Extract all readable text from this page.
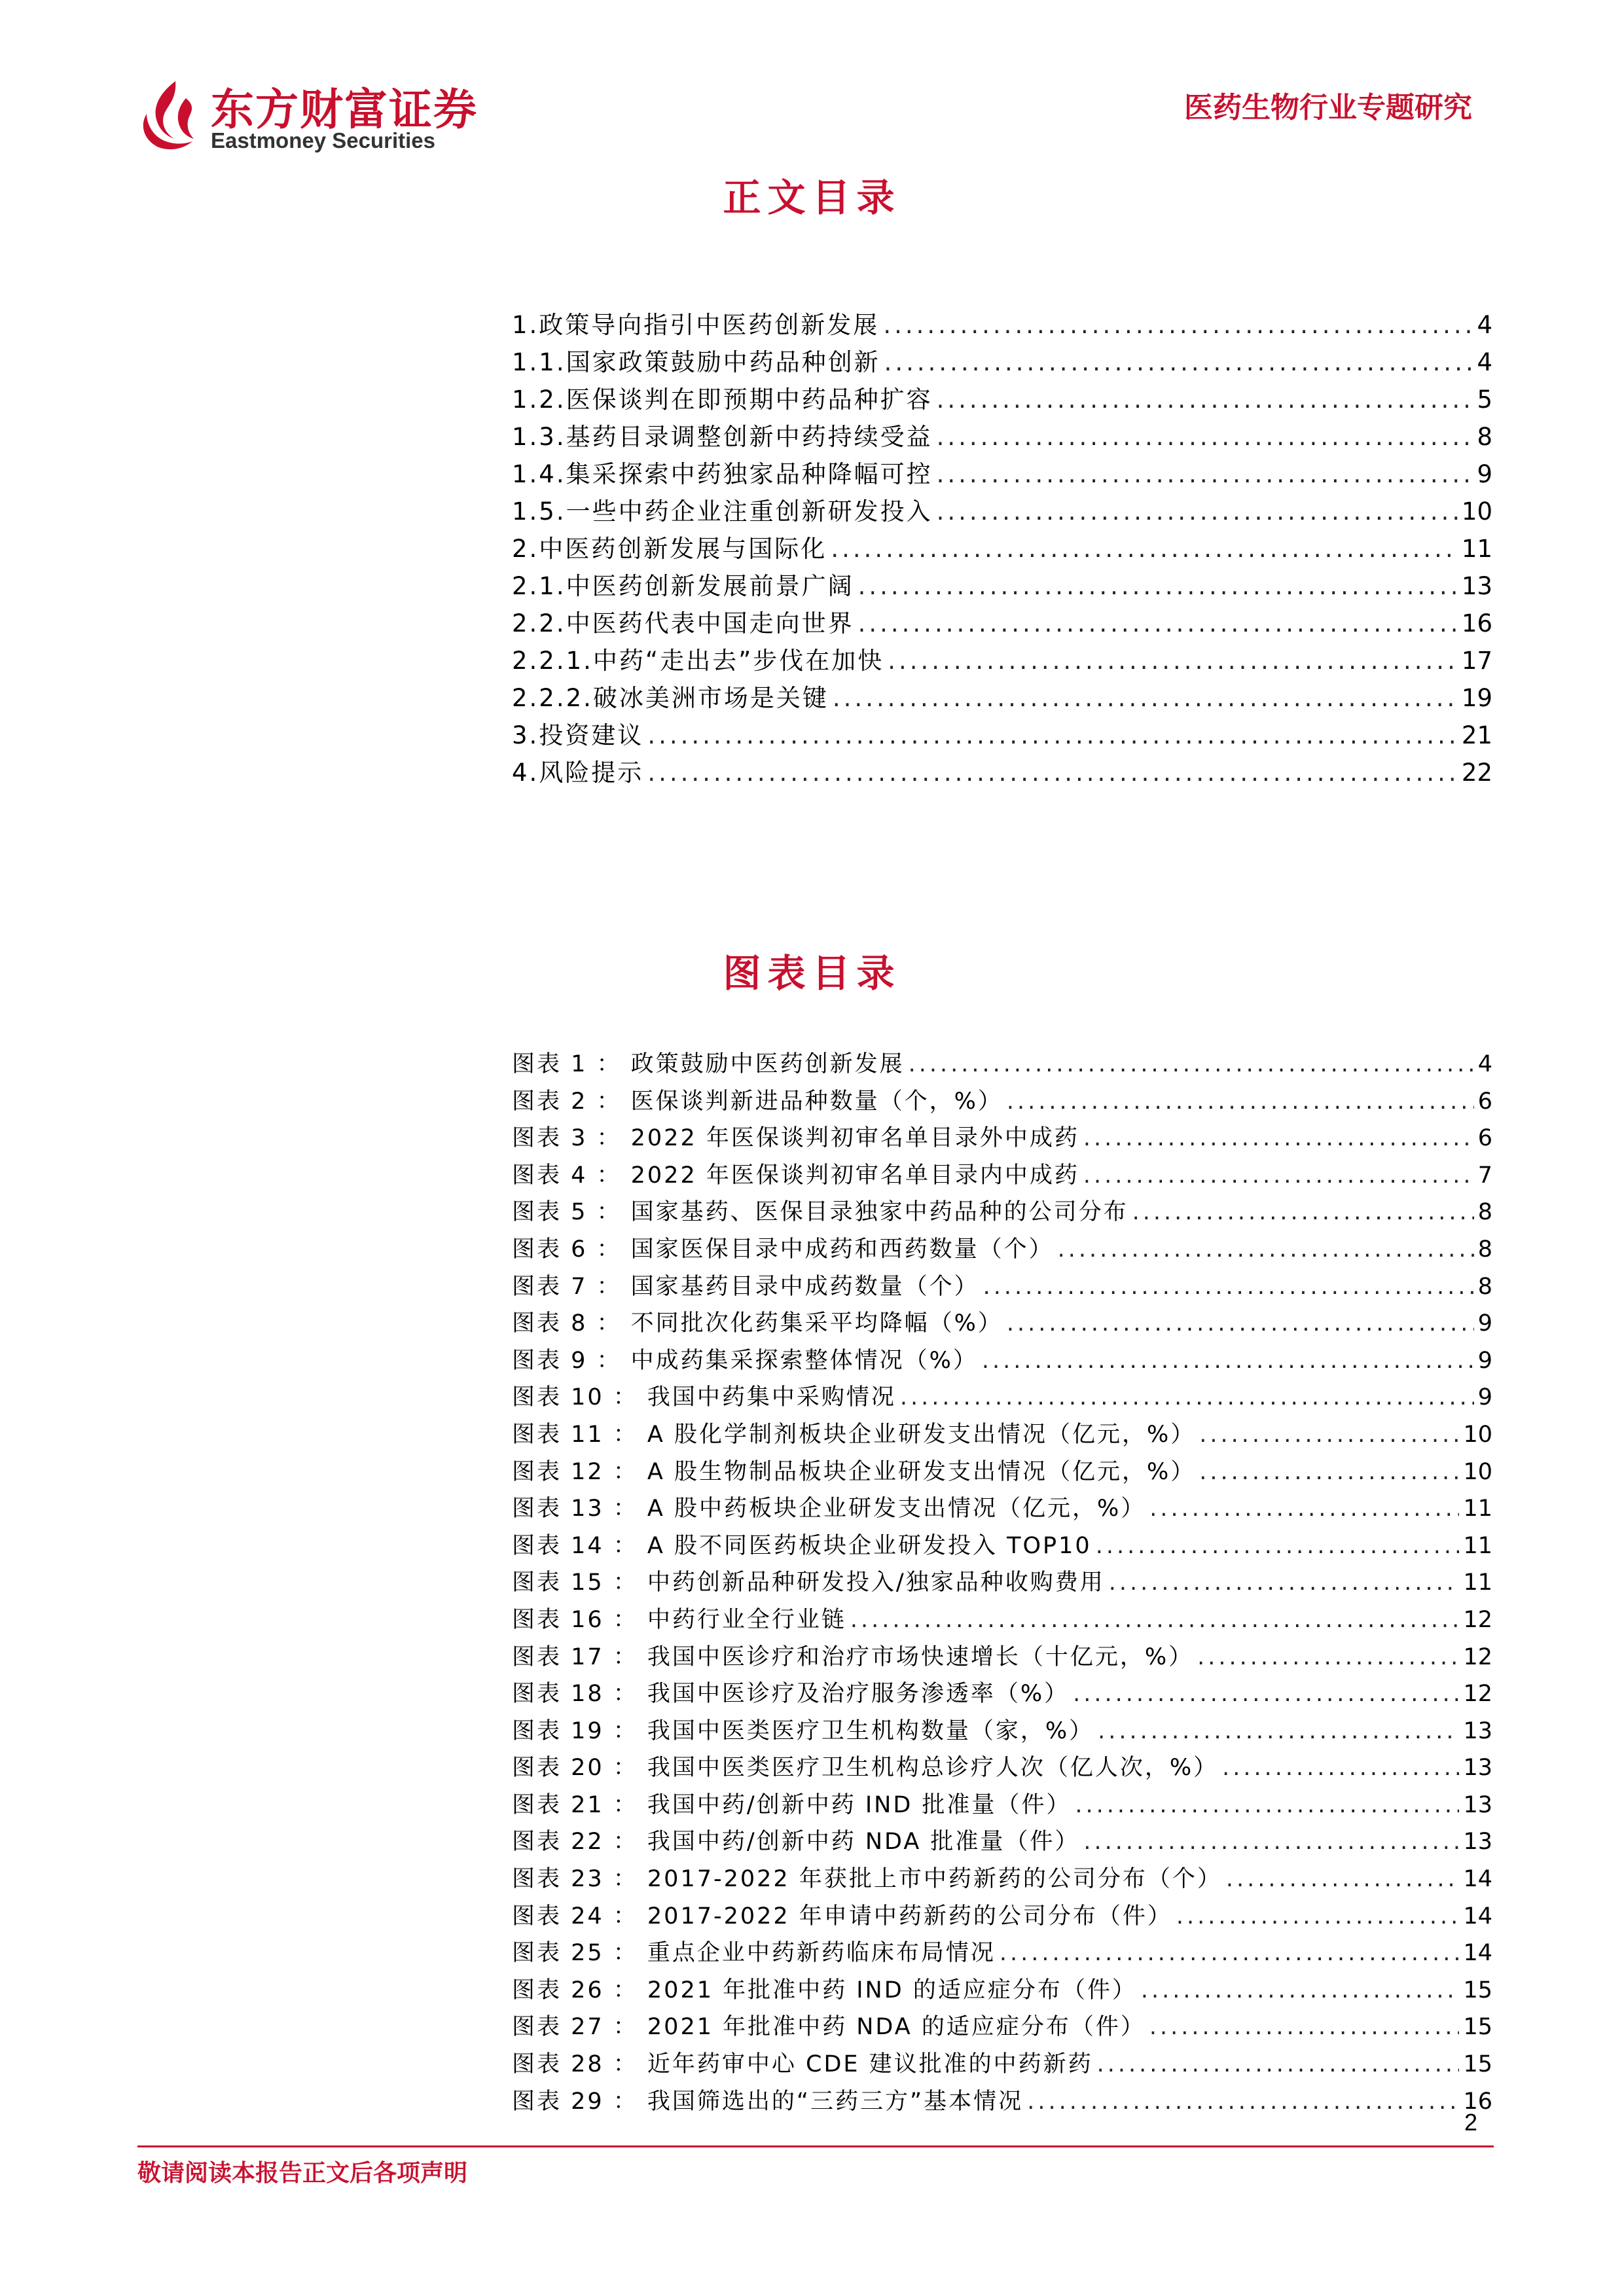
东方财富证券
Eastmoney Securities
医药生物行业专题研究
正文目录
1.政策导向指引中医药创新发展 .....	4
1.1.国家政策鼓励中药品种创新 .....	4
1.2.医保谈判在即预期中药品种扩容 .....	5
1.3.基药目录调整创新中药持续受益 .....	8
1.4.集采探索中药独家品种降幅可控 .....	9
1.5.一些中药企业注重创新研发投入 .....	10
2.中医药创新发展与国际化 .....	11
2.1.中医药创新发展前景广阔 .....	13
2.2.中医药代表中国走向世界 .....	16
2.2.1.中药“走出去”步伐在加快 .....	17
2.2.2.破冰美洲市场是关键 .....	19
3.投资建议 .....	21
4.风险提示 .....	22
图表目录
图表 1 ： 政策鼓励中医药创新发展 .....	4
图表 2 ： 医保谈判新进品种数量（个，%） .....	6
图表 3 ： 2022 年医保谈判初审名单目录外中成药 .....	6
图表 4 ： 2022 年医保谈判初审名单目录内中成药 .....	7
图表 5 ： 国家基药、医保目录独家中药品种的公司分布 .....	8
图表 6 ： 国家医保目录中成药和西药数量（个） .....	8
图表 7 ： 国家基药目录中成药数量（个） .....	8
图表 8 ： 不同批次化药集采平均降幅（%） .....	9
图表 9 ： 中成药集采探索整体情况（%） .....	9
图表 10 ： 我国中药集中采购情况 .....	9
图表 11 ： A 股化学制剂板块企业研发支出情况（亿元，%） .....	10
图表 12 ： A 股生物制品板块企业研发支出情况（亿元，%） .....	10
图表 13 ： A 股中药板块企业研发支出情况（亿元，%） .....	11
图表 14 ： A 股不同医药板块企业研发投入 TOP10 .....	11
图表 15 ： 中药创新品种研发投入/独家品种收购费用 .....	11
图表 16 ： 中药行业全行业链 .....	12
图表 17 ： 我国中医诊疗和治疗市场快速增长（十亿元，%） .....	12
图表 18 ： 我国中医诊疗及治疗服务渗透率（%） .....	12
图表 19 ： 我国中医类医疗卫生机构数量（家，%） .....	13
图表 20 ： 我国中医类医疗卫生机构总诊疗人次（亿人次，%） .....	13
图表 21 ： 我国中药/创新中药 IND 批准量（件） .....	13
图表 22 ： 我国中药/创新中药 NDA 批准量（件） .....	13
图表 23 ： 2017-2022 年获批上市中药新药的公司分布（个） .....	14
图表 24 ： 2017-2022 年申请中药新药的公司分布（件） .....	14
图表 25 ： 重点企业中药新药临床布局情况 .....	14
图表 26 ： 2021 年批准中药 IND 的适应症分布（件） .....	15
图表 27 ： 2021 年批准中药 NDA 的适应症分布（件） .....	15
图表 28 ： 近年药审中心 CDE 建议批准的中药新药 .....	15
图表 29 ： 我国筛选出的“三药三方”基本情况 .....	16
2
敬请阅读本报告正文后各项声明
